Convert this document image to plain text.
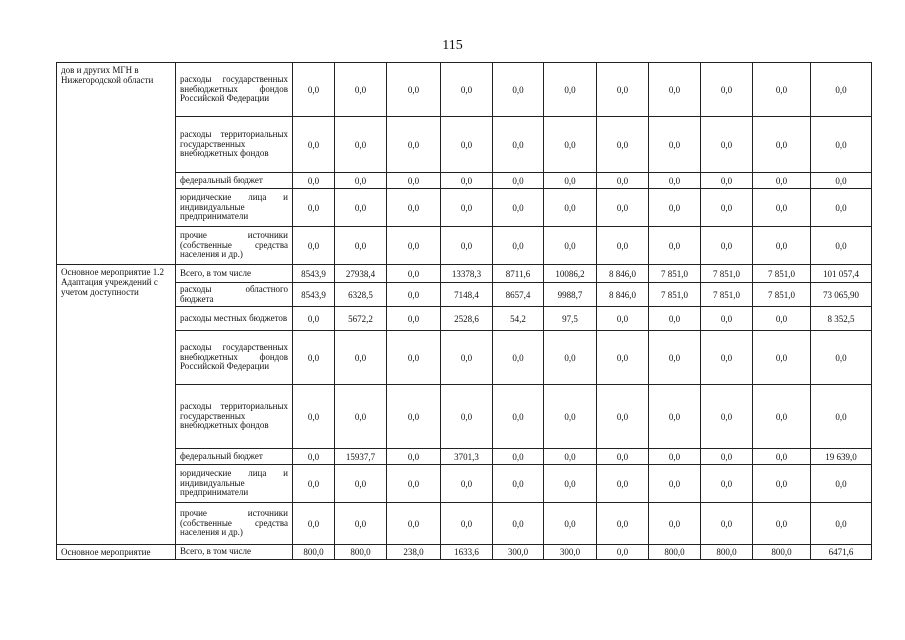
115
дов и других МГН в Нижегородской области	расходы государственных внебюджетных фондов Российской Федерации	0,0	0,0	0,0	0,0	0,0	0,0	0,0	0,0	0,0	0,0	0,0
	расходы территориальных государственных внебюджетных фондов	0,0	0,0	0,0	0,0	0,0	0,0	0,0	0,0	0,0	0,0	0,0
	федеральный бюджет	0,0	0,0	0,0	0,0	0,0	0,0	0,0	0,0	0,0	0,0	0,0
	юридические лица и индивидуальные предприниматели	0,0	0,0	0,0	0,0	0,0	0,0	0,0	0,0	0,0	0,0	0,0
	прочие источники (собственные средства населения и др.)	0,0	0,0	0,0	0,0	0,0	0,0	0,0	0,0	0,0	0,0	0,0
Основное мероприятие 1.2 Адаптация учреждений с учетом доступности	Всего, в том числе	8543,9	27938,4	0,0	13378,3	8711,6	10086,2	8 846,0	7 851,0	7 851,0	7 851,0	101 057,4
	расходы областного бюджета	8543,9	6328,5	0,0	7148,4	8657,4	9988,7	8 846,0	7 851,0	7 851,0	7 851,0	73 065,90
	расходы местных бюджетов	0,0	5672,2	0,0	2528,6	54,2	97,5	0,0	0,0	0,0	0,0	8 352,5
	расходы государственных внебюджетных фондов Российской Федерации	0,0	0,0	0,0	0,0	0,0	0,0	0,0	0,0	0,0	0,0	0,0
	расходы территориальных государственных внебюджетных фондов	0,0	0,0	0,0	0,0	0,0	0,0	0,0	0,0	0,0	0,0	0,0
	федеральный бюджет	0,0	15937,7	0,0	3701,3	0,0	0,0	0,0	0,0	0,0	0,0	19 639,0
	юридические лица и индивидуальные предприниматели	0,0	0,0	0,0	0,0	0,0	0,0	0,0	0,0	0,0	0,0	0,0
	прочие источники (собственные средства населения и др.)	0,0	0,0	0,0	0,0	0,0	0,0	0,0	0,0	0,0	0,0	0,0
Основное мероприятие	Всего, в том числе	800,0	800,0	238,0	1633,6	300,0	300,0	0,0	800,0	800,0	800,0	6471,6
